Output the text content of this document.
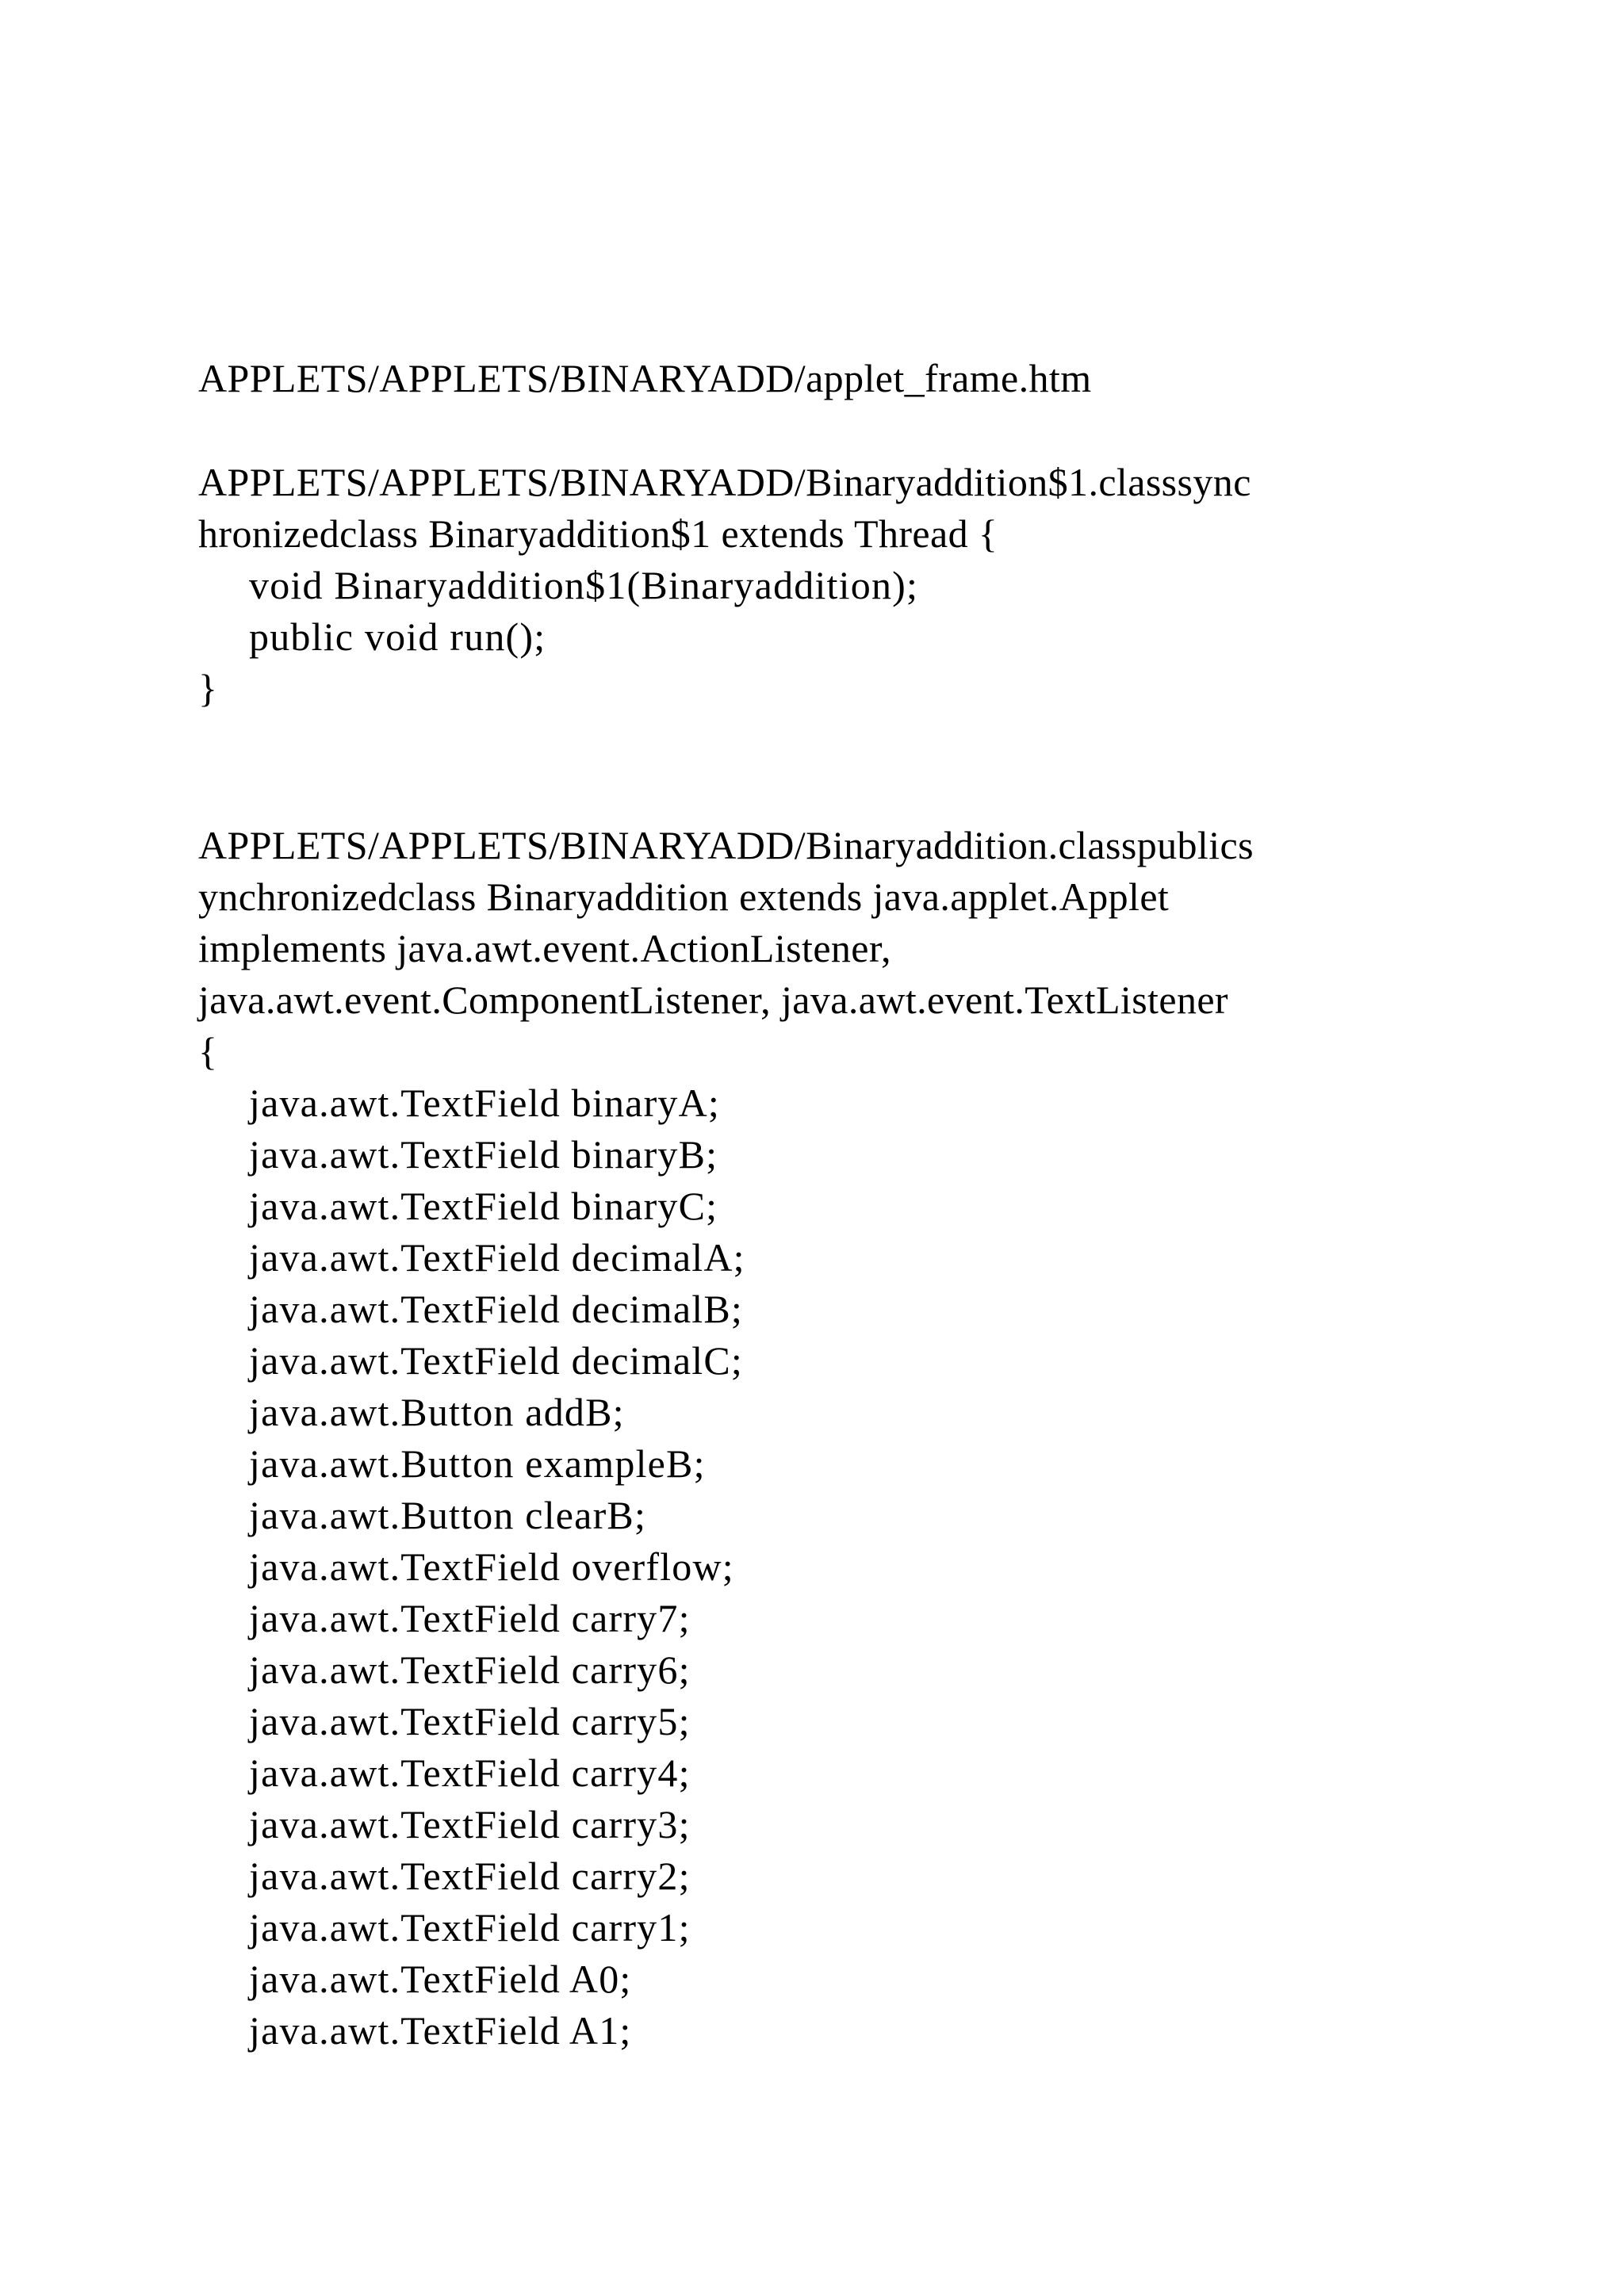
APPLETS/APPLETS/BINARYADD/applet_frame.htm
APPLETS/APPLETS/BINARYADD/Binaryaddition$1.classsync
hronizedclass Binaryaddition$1 extends Thread {
void Binaryaddition$1(Binaryaddition);
public void run();
}
APPLETS/APPLETS/BINARYADD/Binaryaddition.classpublics
ynchronizedclass Binaryaddition extends java.applet.Applet
implements java.awt.event.ActionListener,
java.awt.event.ComponentListener, java.awt.event.TextListener
{
java.awt.TextField binaryA;
java.awt.TextField binaryB;
java.awt.TextField binaryC;
java.awt.TextField decimalA;
java.awt.TextField decimalB;
java.awt.TextField decimalC;
java.awt.Button addB;
java.awt.Button exampleB;
java.awt.Button clearB;
java.awt.TextField overflow;
java.awt.TextField carry7;
java.awt.TextField carry6;
java.awt.TextField carry5;
java.awt.TextField carry4;
java.awt.TextField carry3;
java.awt.TextField carry2;
java.awt.TextField carry1;
java.awt.TextField A0;
java.awt.TextField A1;
